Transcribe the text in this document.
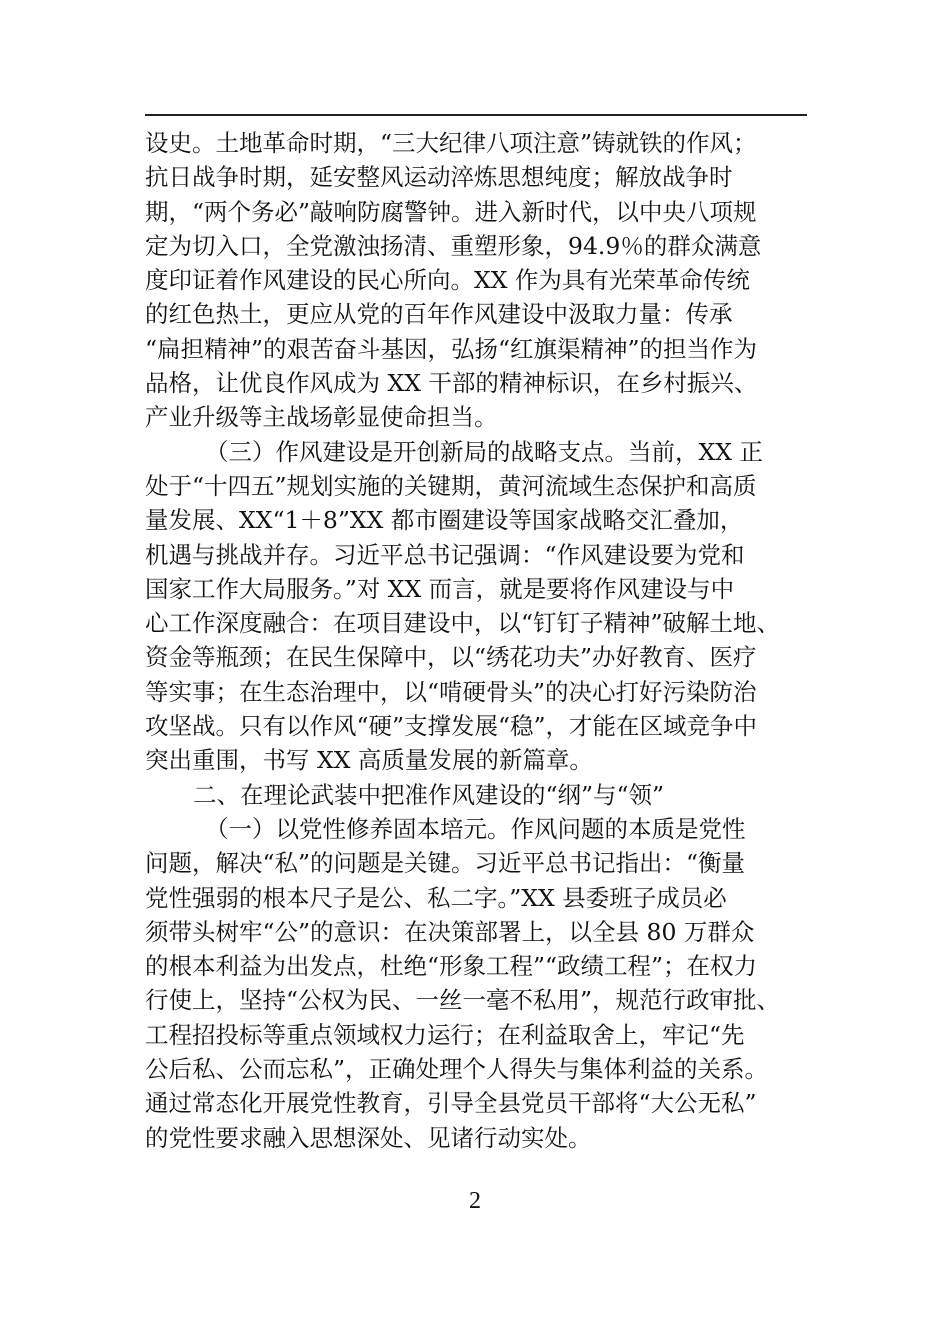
设史。土地革命时期，“三大纪律八项注意”铸就铁的作风；
抗日战争时期，延安整风运动淬炼思想纯度；解放战争时
期，“两个务必”敲响防腐警钟。进入新时代，以中央八项规
定为切入口，全党激浊扬清、重塑形象，94.9％的群众满意
度印证着作风建设的民心所向。XX 作为具有光荣革命传统
的红色热土，更应从党的百年作风建设中汲取力量：传承
“扁担精神”的艰苦奋斗基因，弘扬“红旗渠精神”的担当作为
品格，让优良作风成为 XX 干部的精神标识，在乡村振兴、
产业升级等主战场彰显使命担当。
（三）作风建设是开创新局的战略支点。当前，XX 正
处于“十四五”规划实施的关键期，黄河流域生态保护和高质
量发展、XX“1＋8”XX 都市圈建设等国家战略交汇叠加，
机遇与挑战并存。习近平总书记强调：“作风建设要为党和
国家工作大局服务。”对 XX 而言，就是要将作风建设与中
心工作深度融合：在项目建设中，以“钉钉子精神”破解土地、
资金等瓶颈；在民生保障中，以“绣花功夫”办好教育、医疗
等实事；在生态治理中，以“啃硬骨头”的决心打好污染防治
攻坚战。只有以作风“硬”支撑发展“稳”，才能在区域竞争中
突出重围，书写 XX 高质量发展的新篇章。
二、在理论武装中把准作风建设的“纲”与“领”
（一）以党性修养固本培元。作风问题的本质是党性
问题，解决“私”的问题是关键。习近平总书记指出：“衡量
党性强弱的根本尺子是公、私二字。”XX 县委班子成员必
须带头树牢“公”的意识：在决策部署上，以全县 80 万群众
的根本利益为出发点，杜绝“形象工程”“政绩工程”；在权力
行使上，坚持“公权为民、一丝一毫不私用”，规范行政审批、
工程招投标等重点领域权力运行；在利益取舍上，牢记“先
公后私、公而忘私”，正确处理个人得失与集体利益的关系。
通过常态化开展党性教育，引导全县党员干部将“大公无私”
的党性要求融入思想深处、见诸行动实处。
2
